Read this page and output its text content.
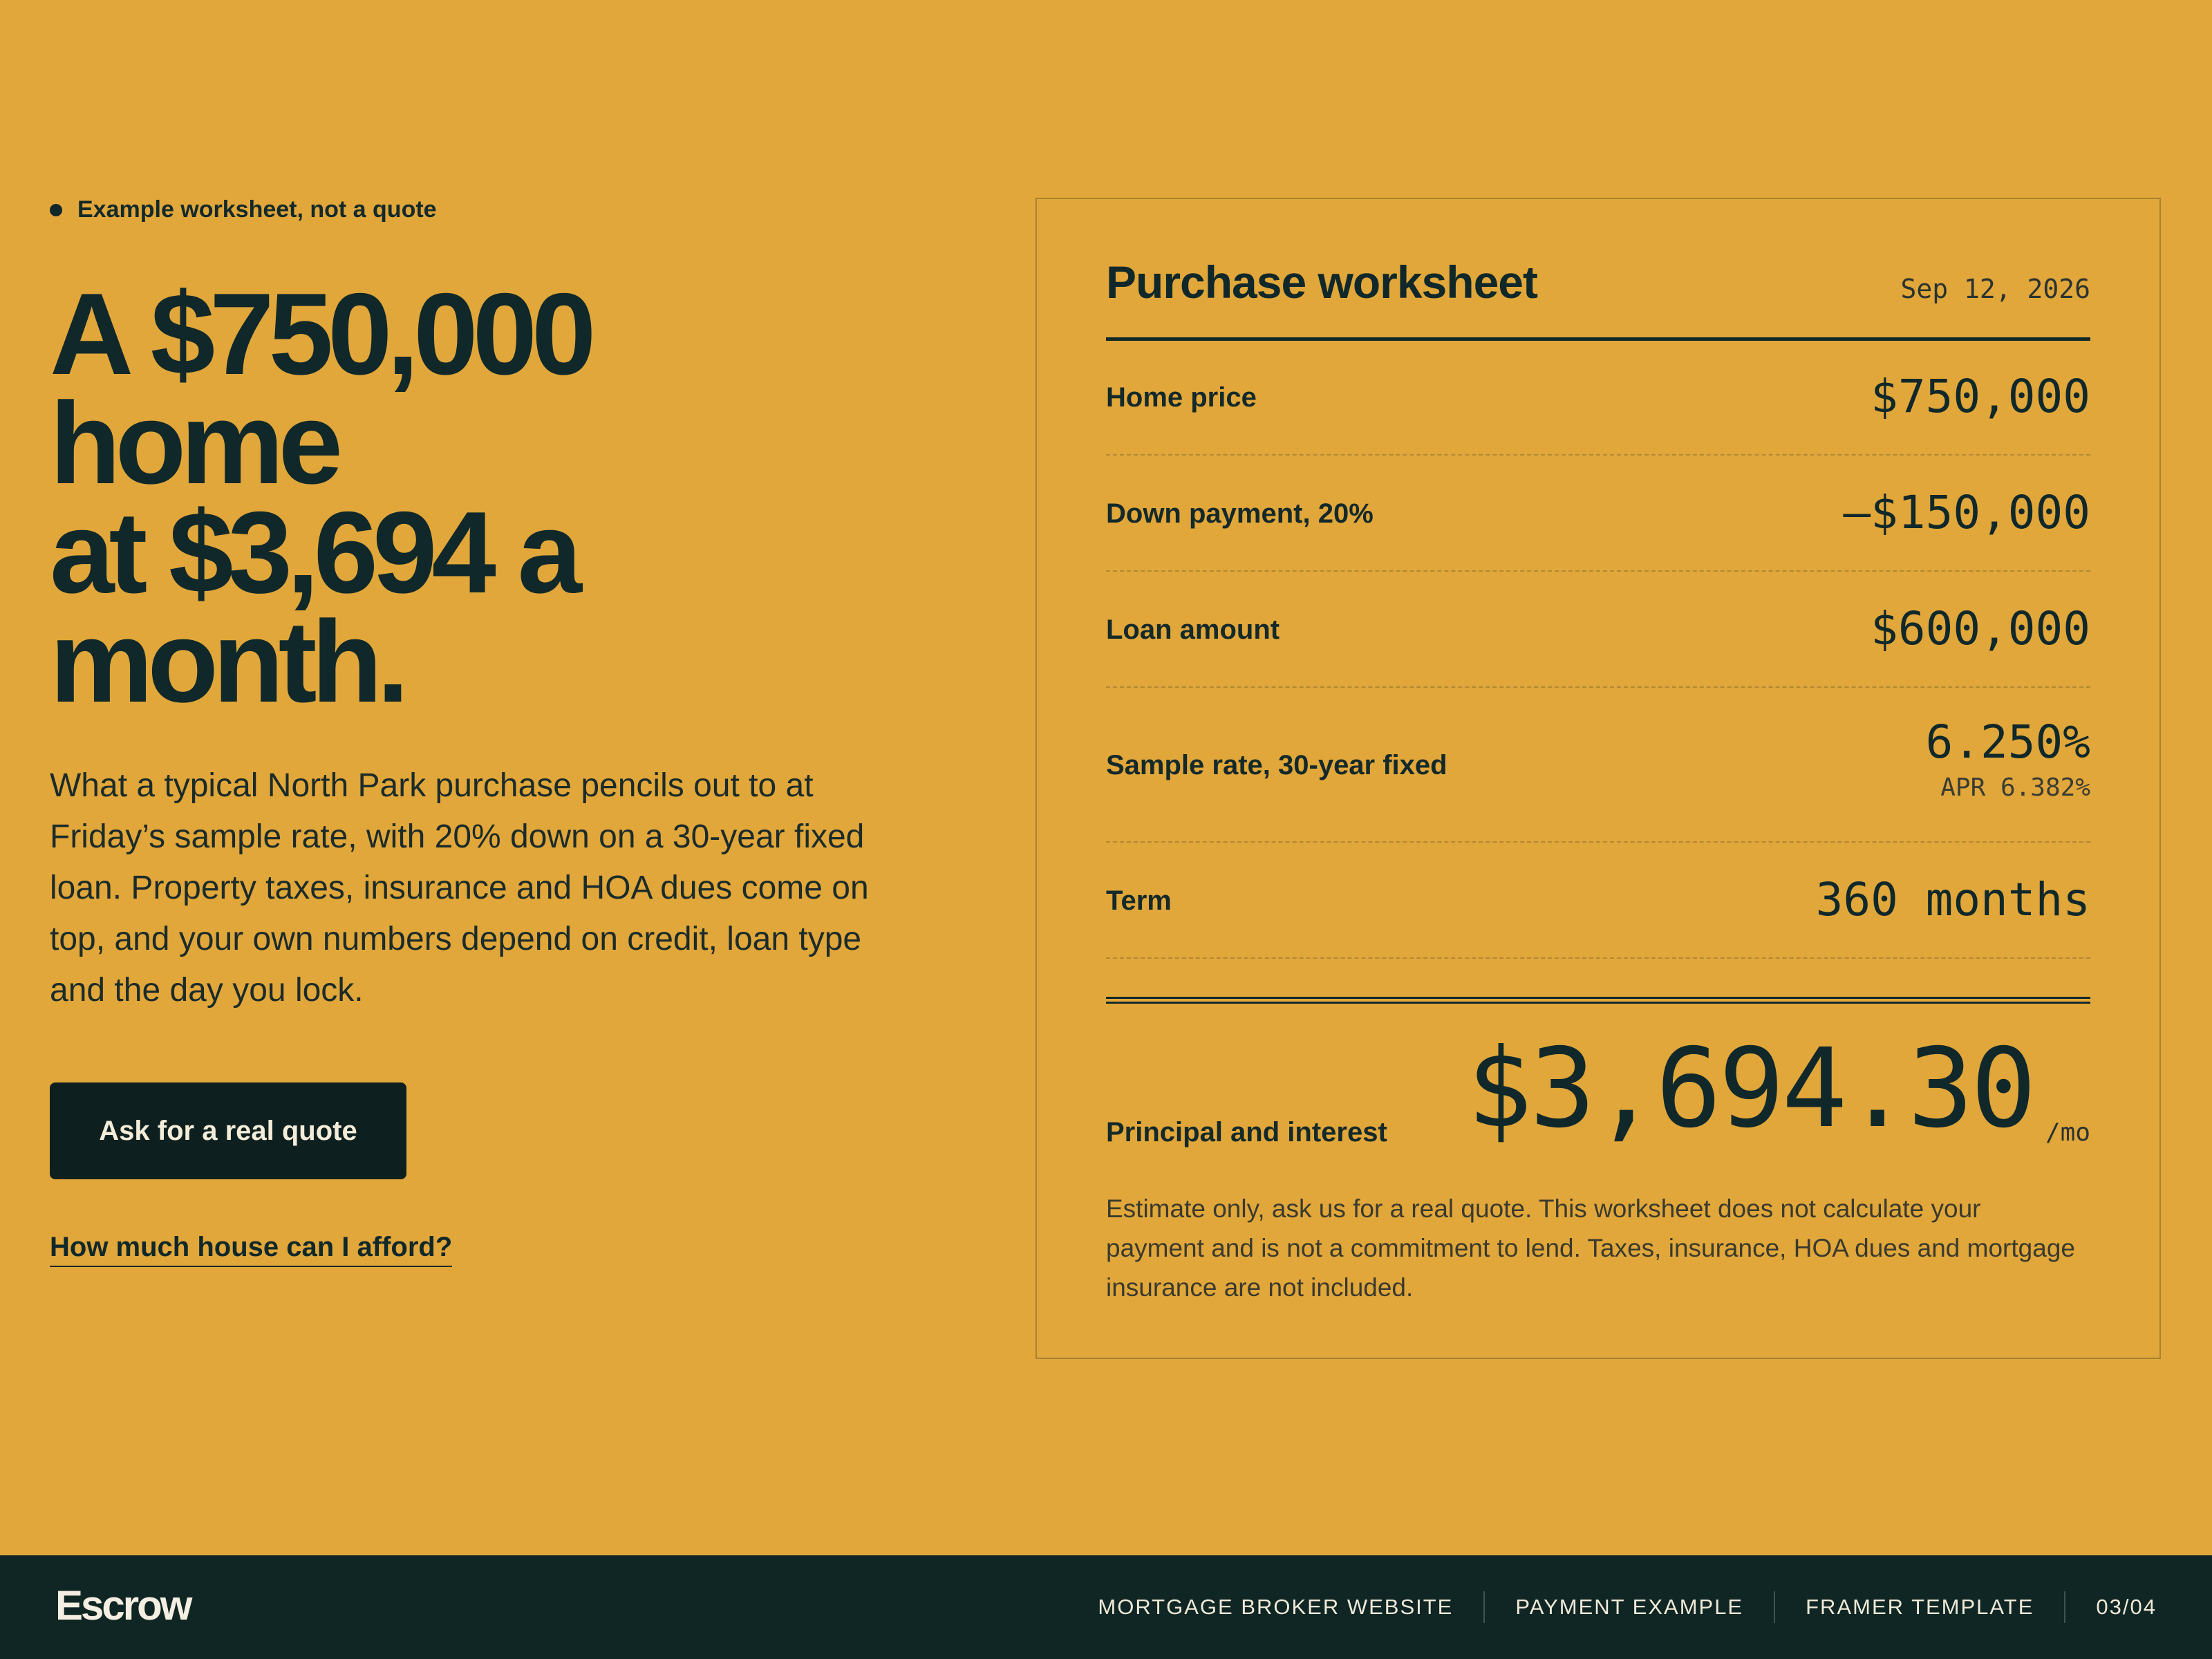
Example worksheet, not a quote
A $750,000
home
at $3,694 a
month.

What a typical North Park purchase pencils out to at Friday’s sample rate, with 20% down on a 30-year fixed loan. Property taxes, insurance and HOA dues come on top, and your own numbers depend on credit, loan type and the day you lock.

Ask for a real quote
How much house can I afford?
Purchase worksheet	Sep 12, 2026
Home price	$750,000
Down payment, 20%	–$150,000
Loan amount	$600,000
Sample rate, 30-year fixed	6.250%
APR 6.382%
Term	360 months
Principal and interest $3,694.30 /mo

Estimate only, ask us for a real quote. This worksheet does not calculate your payment and is not a commitment to lend. Taxes, insurance, HOA dues and mortgage insurance are not included.

Escrow	MORTGAGE BROKER WEBSITE	PAYMENT EXAMPLE	FRAMER TEMPLATE	03/04
